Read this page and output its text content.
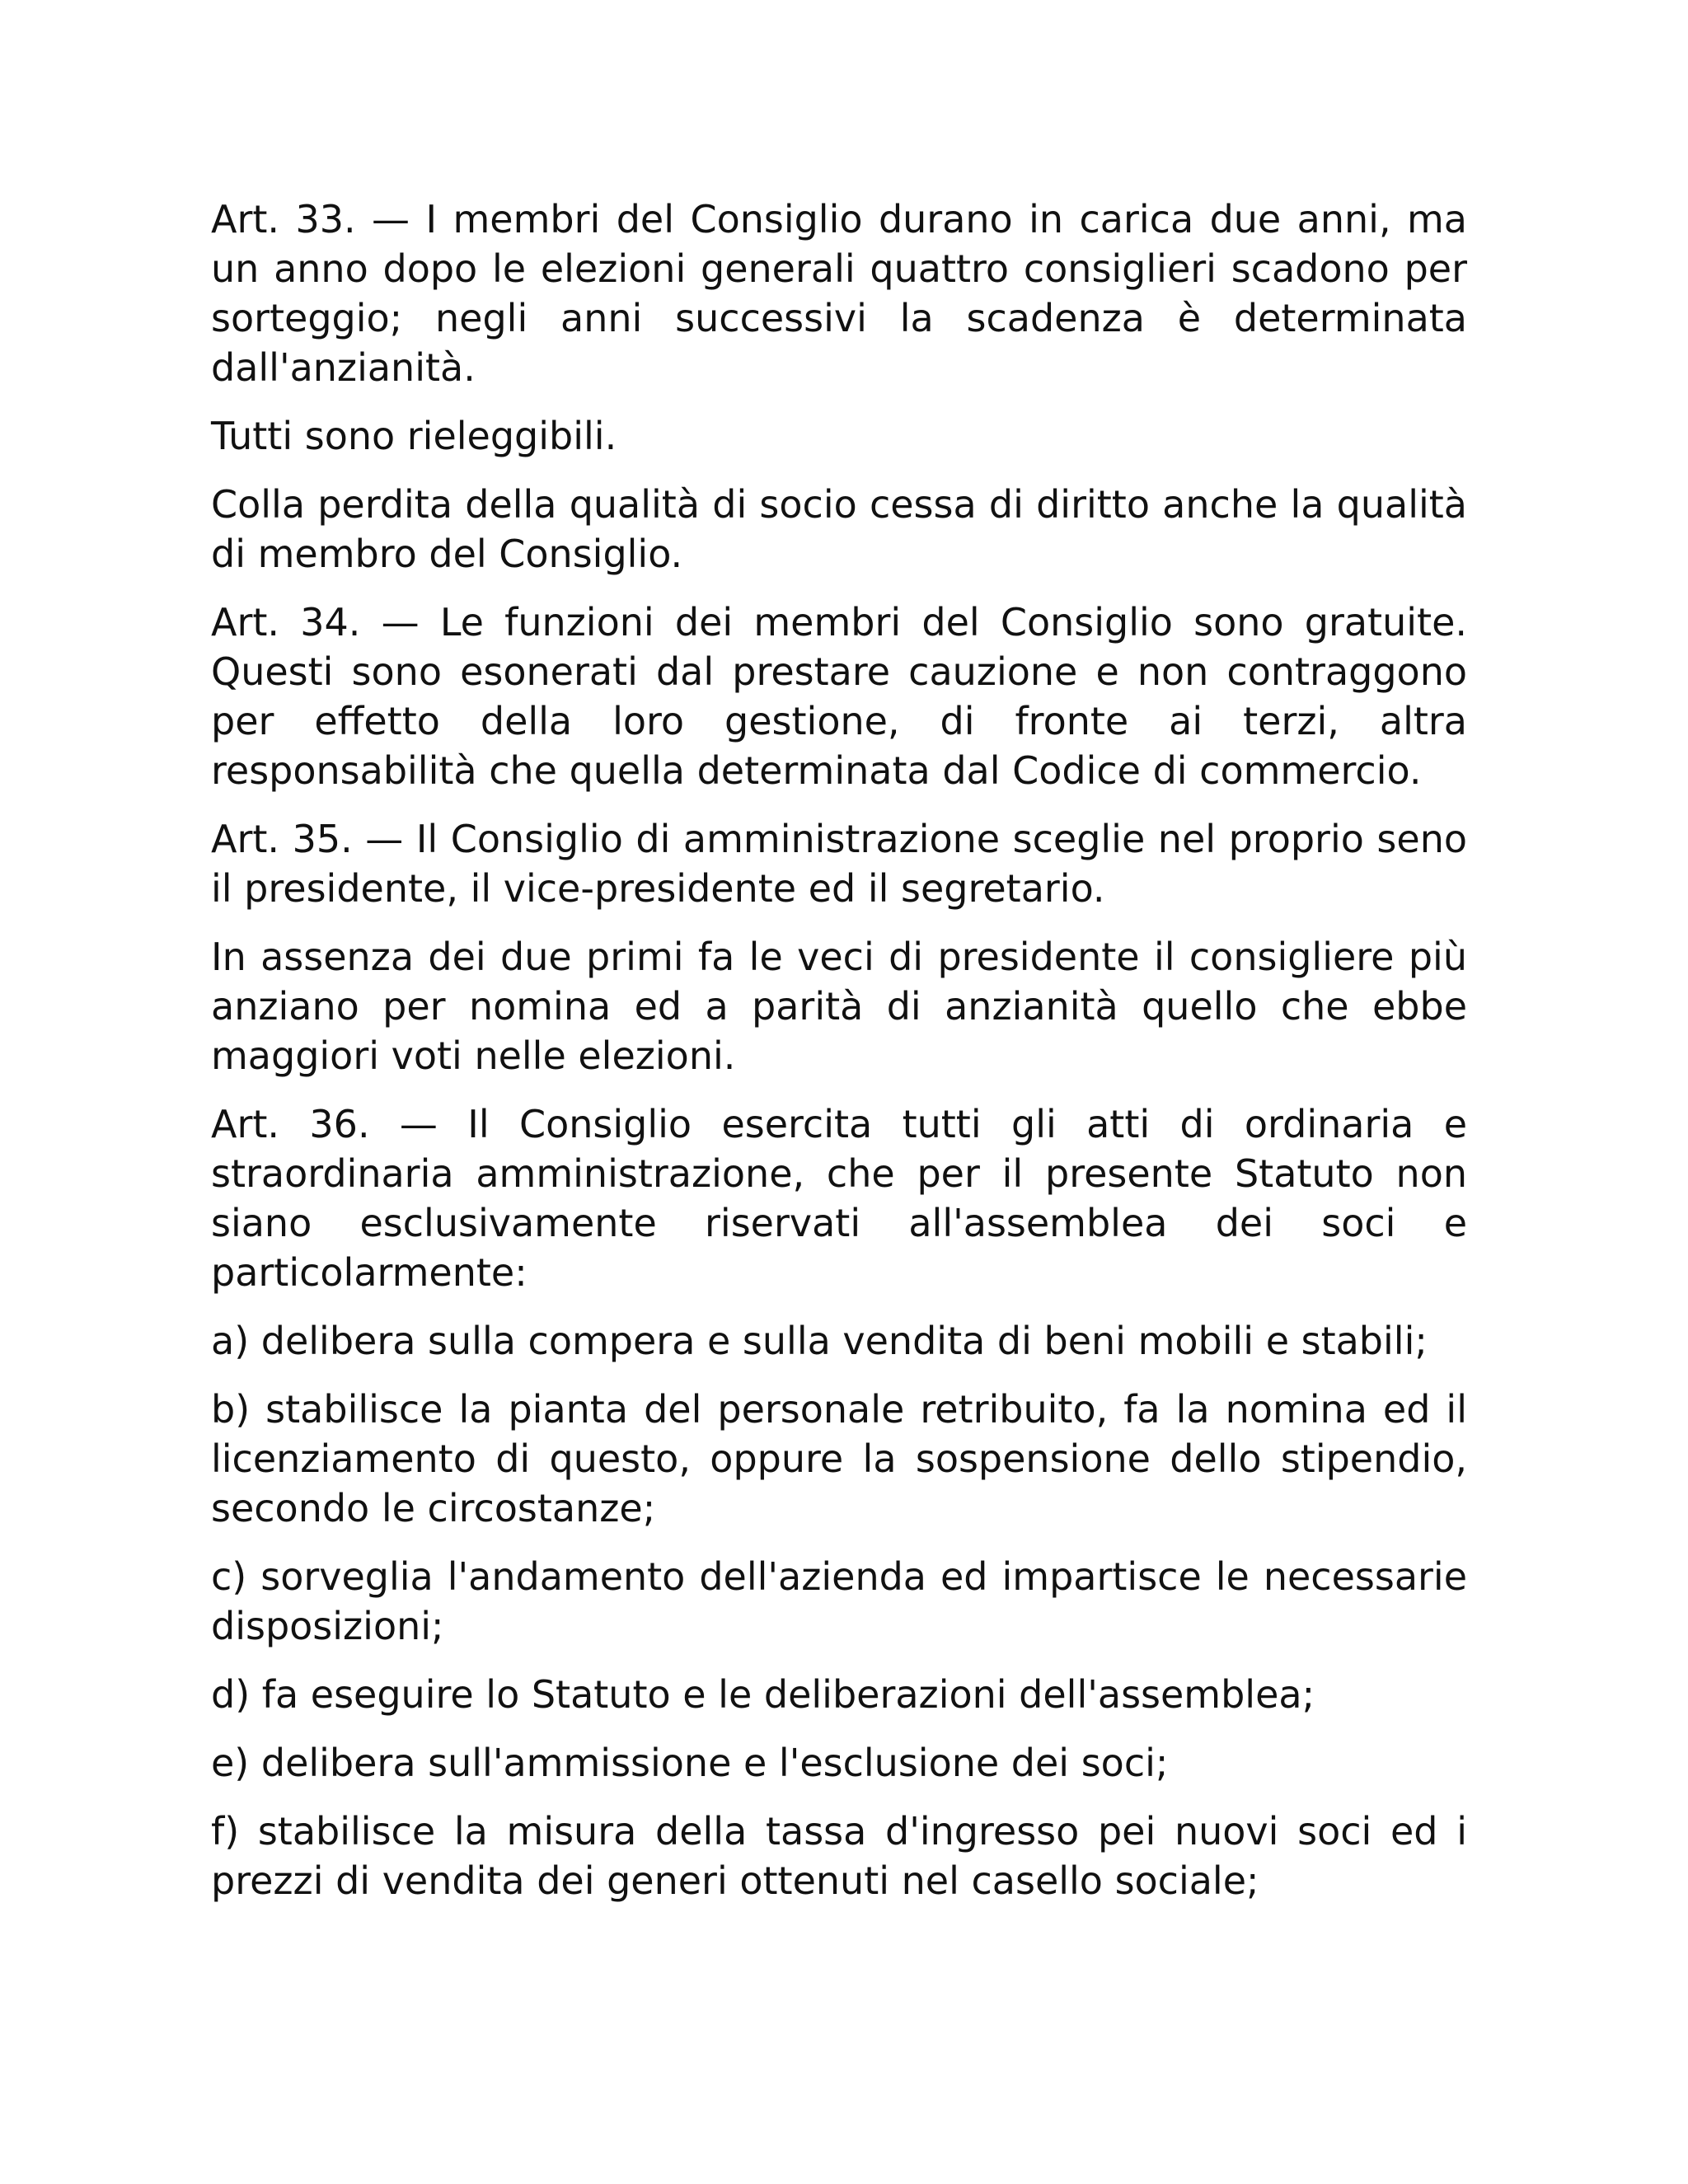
Art. 33. — I membri del Consiglio durano in carica due anni, ma un anno dopo le elezioni generali quattro consiglieri scadono per sorteggio; negli anni successivi la scadenza è determinata dall'anzianità.

Tutti sono rieleggibili.

Colla perdita della qualità di socio cessa di diritto anche la qualità di membro del Consiglio.

Art. 34. — Le funzioni dei membri del Consiglio sono gratuite. Questi sono esonerati dal prestare cauzione e non contraggono per effetto della loro gestione, di fronte ai terzi, altra responsabilità che quella determinata dal Codice di commercio.

Art. 35. — Il Consiglio di amministrazione sceglie nel proprio seno il presidente, il vice-presidente ed il segretario.

In assenza dei due primi fa le veci di presidente il consigliere più anziano per nomina ed a parità di anzianità quello che ebbe maggiori voti nelle elezioni.

Art. 36. — Il Consiglio esercita tutti gli atti di ordinaria e straordinaria amministrazione, che per il presente Statuto non siano esclusivamente riservati all'assemblea dei soci e particolarmente:

a) delibera sulla compera e sulla vendita di beni mobili e stabili;

b) stabilisce la pianta del personale retribuito, fa la nomina ed il licenziamento di questo, oppure la sospensione dello stipendio, secondo le circostanze;

c) sorveglia l'andamento dell'azienda ed impartisce le necessarie disposizioni;

d) fa eseguire lo Statuto e le deliberazioni dell'assemblea;

e) delibera sull'ammissione e l'esclusione dei soci;

f) stabilisce la misura della tassa d'ingresso pei nuovi soci ed i prezzi di vendita dei generi ottenuti nel casello sociale;
